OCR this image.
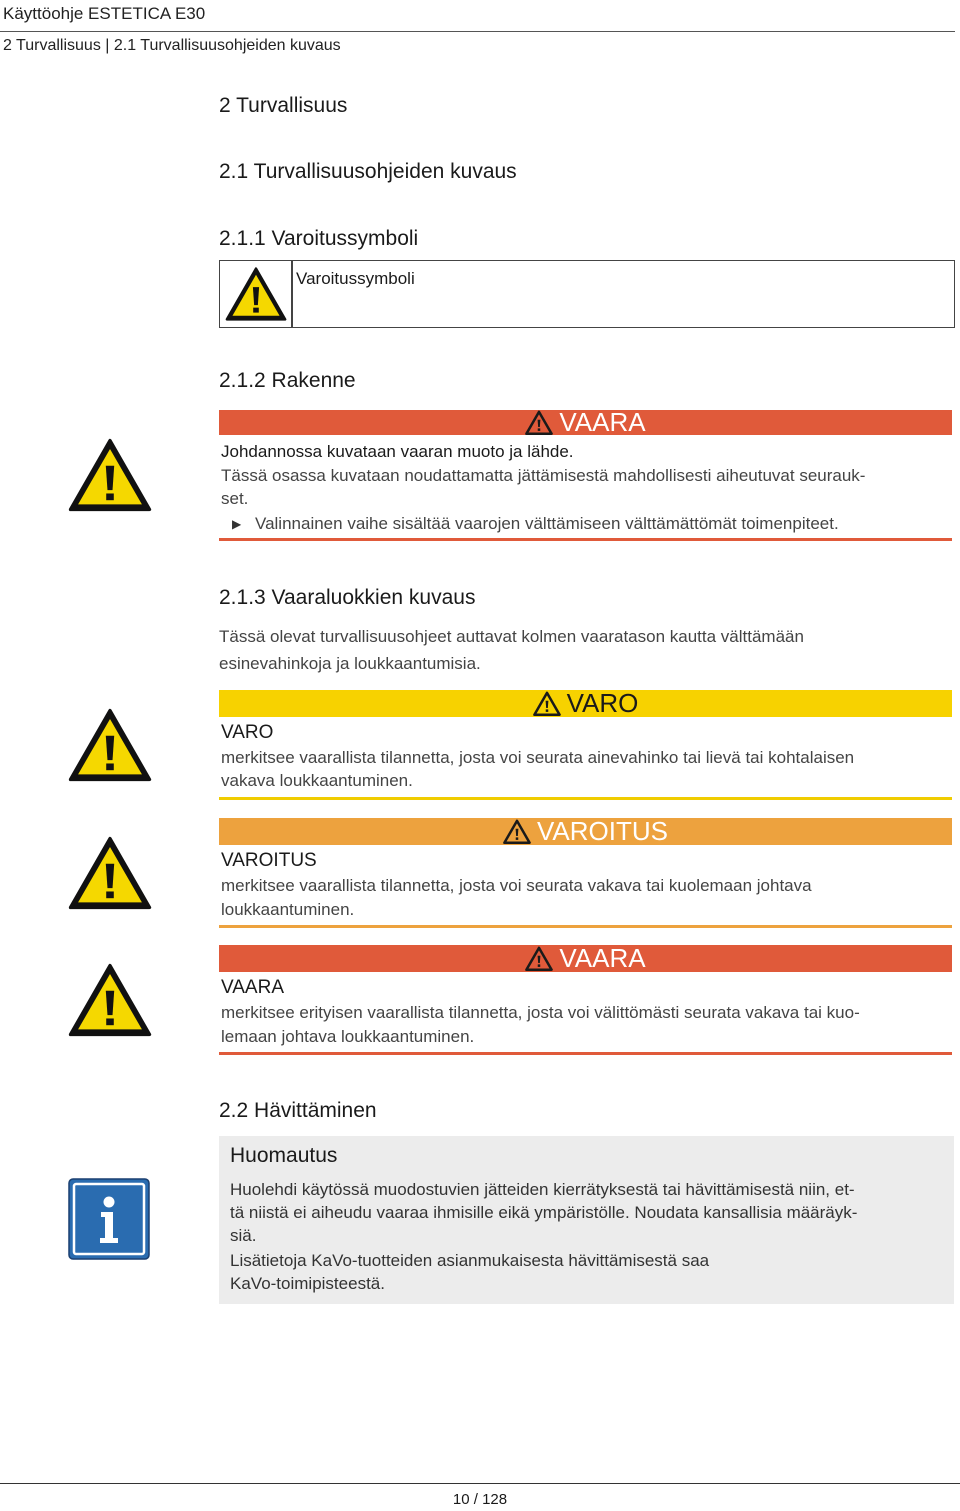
Käyttöohje ESTETICA E30
2 Turvallisuus | 2.1 Turvallisuusohjeiden kuvaus
2 Turvallisuus
2.1 Turvallisuusohjeiden kuvaus
2.1.1 Varoitussymboli
Varoitussymboli
2.1.2 Rakenne
VAARA
Johdannossa kuvataan vaaran muoto ja lähde.
Tässä osassa kuvataan noudattamatta jättämisestä mahdollisesti aiheutuvat seurauk-
set.
▶ Valinnainen vaihe sisältää vaarojen välttämiseen välttämättömät toimenpiteet.
2.1.3 Vaaraluokkien kuvaus
Tässä olevat turvallisuusohjeet auttavat kolmen vaaratason kautta välttämään
esinevahinkoja ja loukkaantumisia.
VARO
VARO
merkitsee vaarallista tilannetta, josta voi seurata ainevahinko tai lievä tai kohtalaisen
vakava loukkaantuminen.
VAROITUS
VAROITUS
merkitsee vaarallista tilannetta, josta voi seurata vakava tai kuolemaan johtava
loukkaantuminen.
VAARA
VAARA
merkitsee erityisen vaarallista tilannetta, josta voi välittömästi seurata vakava tai kuo-
lemaan johtava loukkaantuminen.
2.2 Hävittäminen
Huomautus
Huolehdi käytössä muodostuvien jätteiden kierrätyksestä tai hävittämisestä niin, et-
tä niistä ei aiheudu vaaraa ihmisille eikä ympäristölle. Noudata kansallisia määräyk-
siä.
Lisätietoja KaVo-tuotteiden asianmukaisesta hävittämisestä saa
KaVo-toimipisteestä.
10 / 128
